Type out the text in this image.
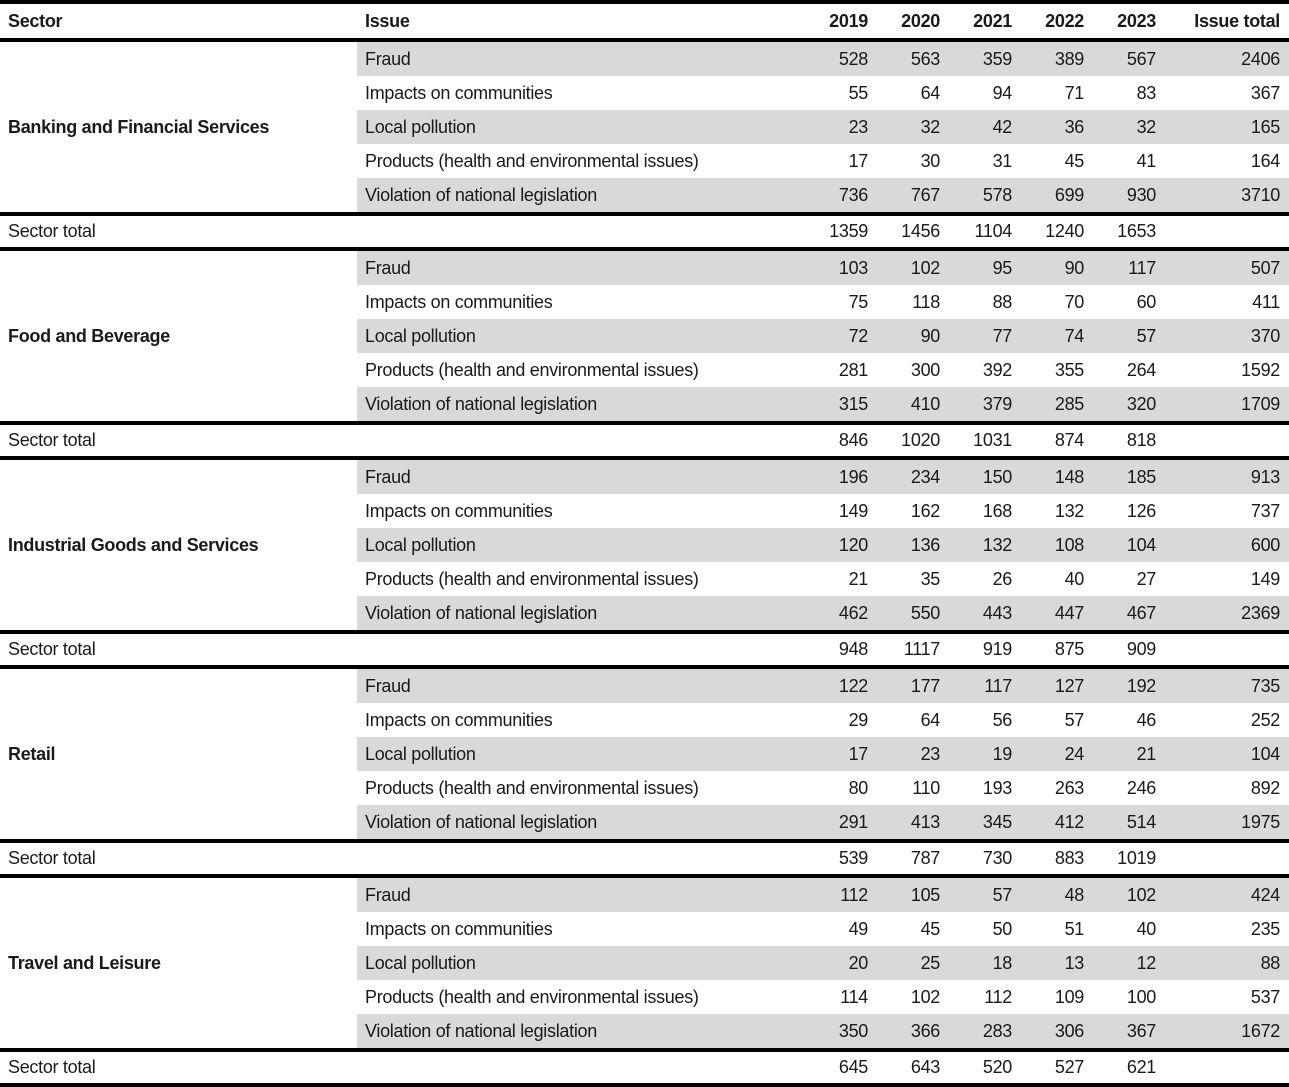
Sector	Issue	2019	2020	2021	2022	2023	Issue total
Banking and Financial Services	Fraud	528	563	359	389	567	2406
	Impacts on communities	55	64	94	71	83	367
	Local pollution	23	32	42	36	32	165
	Products (health and environmental issues)	17	30	31	45	41	164
	Violation of national legislation	736	767	578	699	930	3710
Sector total		1359	1456	1104	1240	1653	
Food and Beverage	Fraud	103	102	95	90	117	507
	Impacts on communities	75	118	88	70	60	411
	Local pollution	72	90	77	74	57	370
	Products (health and environmental issues)	281	300	392	355	264	1592
	Violation of national legislation	315	410	379	285	320	1709
Sector total		846	1020	1031	874	818	
Industrial Goods and Services	Fraud	196	234	150	148	185	913
	Impacts on communities	149	162	168	132	126	737
	Local pollution	120	136	132	108	104	600
	Products (health and environmental issues)	21	35	26	40	27	149
	Violation of national legislation	462	550	443	447	467	2369
Sector total		948	1117	919	875	909	
Retail	Fraud	122	177	117	127	192	735
	Impacts on communities	29	64	56	57	46	252
	Local pollution	17	23	19	24	21	104
	Products (health and environmental issues)	80	110	193	263	246	892
	Violation of national legislation	291	413	345	412	514	1975
Sector total		539	787	730	883	1019	
Travel and Leisure	Fraud	112	105	57	48	102	424
	Impacts on communities	49	45	50	51	40	235
	Local pollution	20	25	18	13	12	88
	Products (health and environmental issues)	114	102	112	109	100	537
	Violation of national legislation	350	366	283	306	367	1672
Sector total		645	643	520	527	621	
